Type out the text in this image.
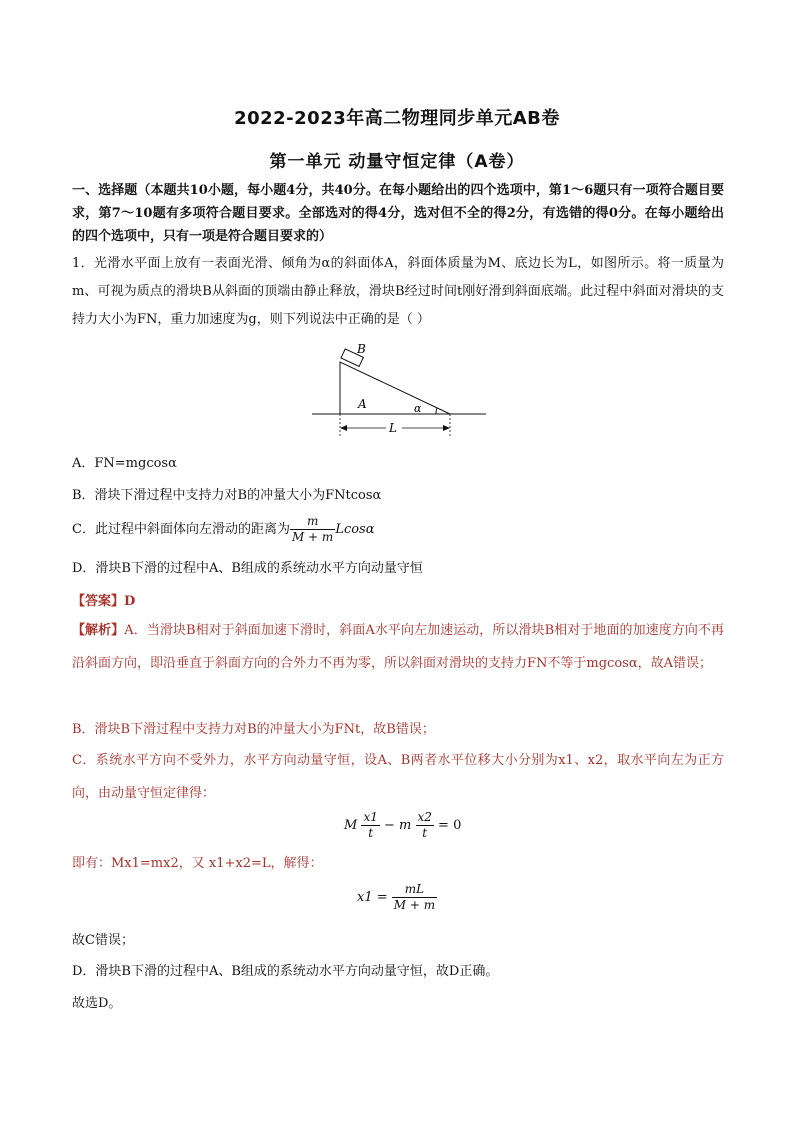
2022-2023年高二物理同步单元AB卷
第一单元 动量守恒定律（A卷）
一、选择题（本题共10小题，每小题4分，共40分。在每小题给出的四个选项中，第1～6题只有一项符合题目要求，第7～10题有多项符合题目要求。全部选对的得4分，选对但不全的得2分，有选错的得0分。在每小题给出的四个选项中，只有一项是符合题目要求的）
1．光滑水平面上放有一表面光滑、倾角为α的斜面体A，斜面体质量为M、底边长为L，如图所示。将一质量为m、可视为质点的滑块B从斜面的顶端由静止释放，滑块B经过时间t刚好滑到斜面底端。此过程中斜面对滑块的支持力大小为FN，重力加速度为g，则下列说法中正确的是（ ）
B
A	α
L
A．FN=mgcosα
B．滑块下滑过程中支持力对B的冲量大小为FNtcosα
C．此过程中斜面体向左滑动的距离为 $\frac{m}{M + m}$ Lcosα
D．滑块B下滑的过程中A、B组成的系统动水平方向动量守恒
【答案】D
【解析】A．当滑块B相对于斜面加速下滑时，斜面A水平向左加速运动，所以滑块B相对于地面的加速度方向不再沿斜面方向，即沿垂直于斜面方向的合外力不再为零，所以斜面对滑块的支持力FN不等于mgcosα，故A错误；
B．滑块B下滑过程中支持力对B的冲量大小为FNt，故B错误；
C．系统水平方向不受外力，水平方向动量守恒，设A、B两者水平位移大小分别为x1、x2，取水平向左为正方向，由动量守恒定律得：
M $\frac{x1}{t} - m \frac{x2}{t} = 0$
即有：Mx1=mx2，又 x1+x2=L，解得：
$x1 = \frac{mL}{M + m}$
故C错误；
D．滑块B下滑的过程中A、B组成的系统动水平方向动量守恒，故D正确。
故选D。
